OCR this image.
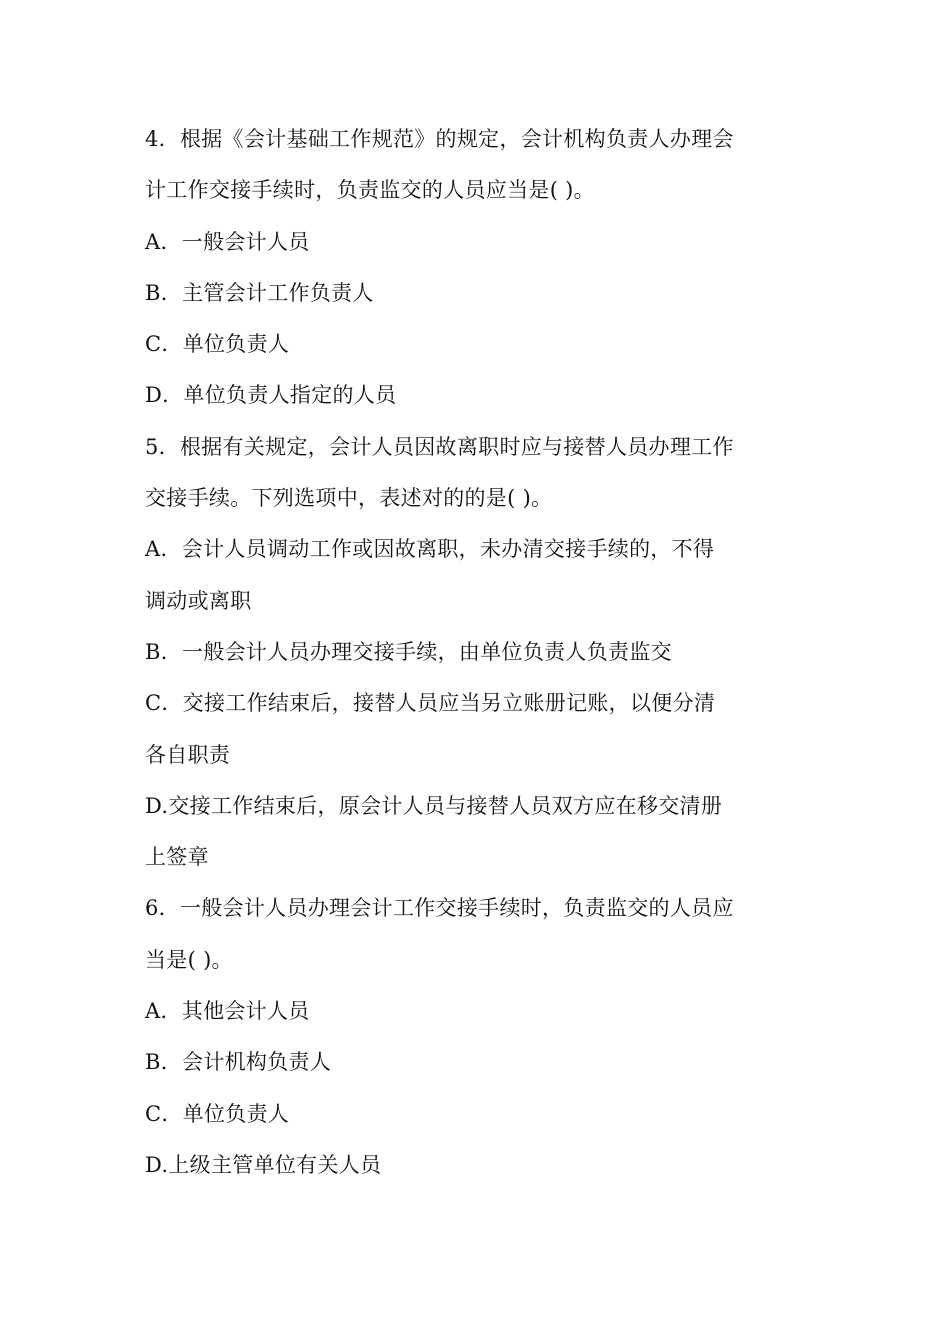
4．根据《会计基础工作规范》的规定，会计机构负责人办理会
计工作交接手续时，负责监交的人员应当是( )。
A．一般会计人员
B．主管会计工作负责人
C．单位负责人
D．单位负责人指定的人员
5．根据有关规定，会计人员因故离职时应与接替人员办理工作
交接手续。下列选项中，表述对的的是( )。
A．会计人员调动工作或因故离职，未办清交接手续的，不得
调动或离职
B．一般会计人员办理交接手续，由单位负责人负责监交
C．交接工作结束后，接替人员应当另立账册记账，以便分清
各自职责
D.交接工作结束后，原会计人员与接替人员双方应在移交清册
上签章
6．一般会计人员办理会计工作交接手续时，负责监交的人员应
当是( )。
A．其他会计人员
B．会计机构负责人
C．单位负责人
D.上级主管单位有关人员
